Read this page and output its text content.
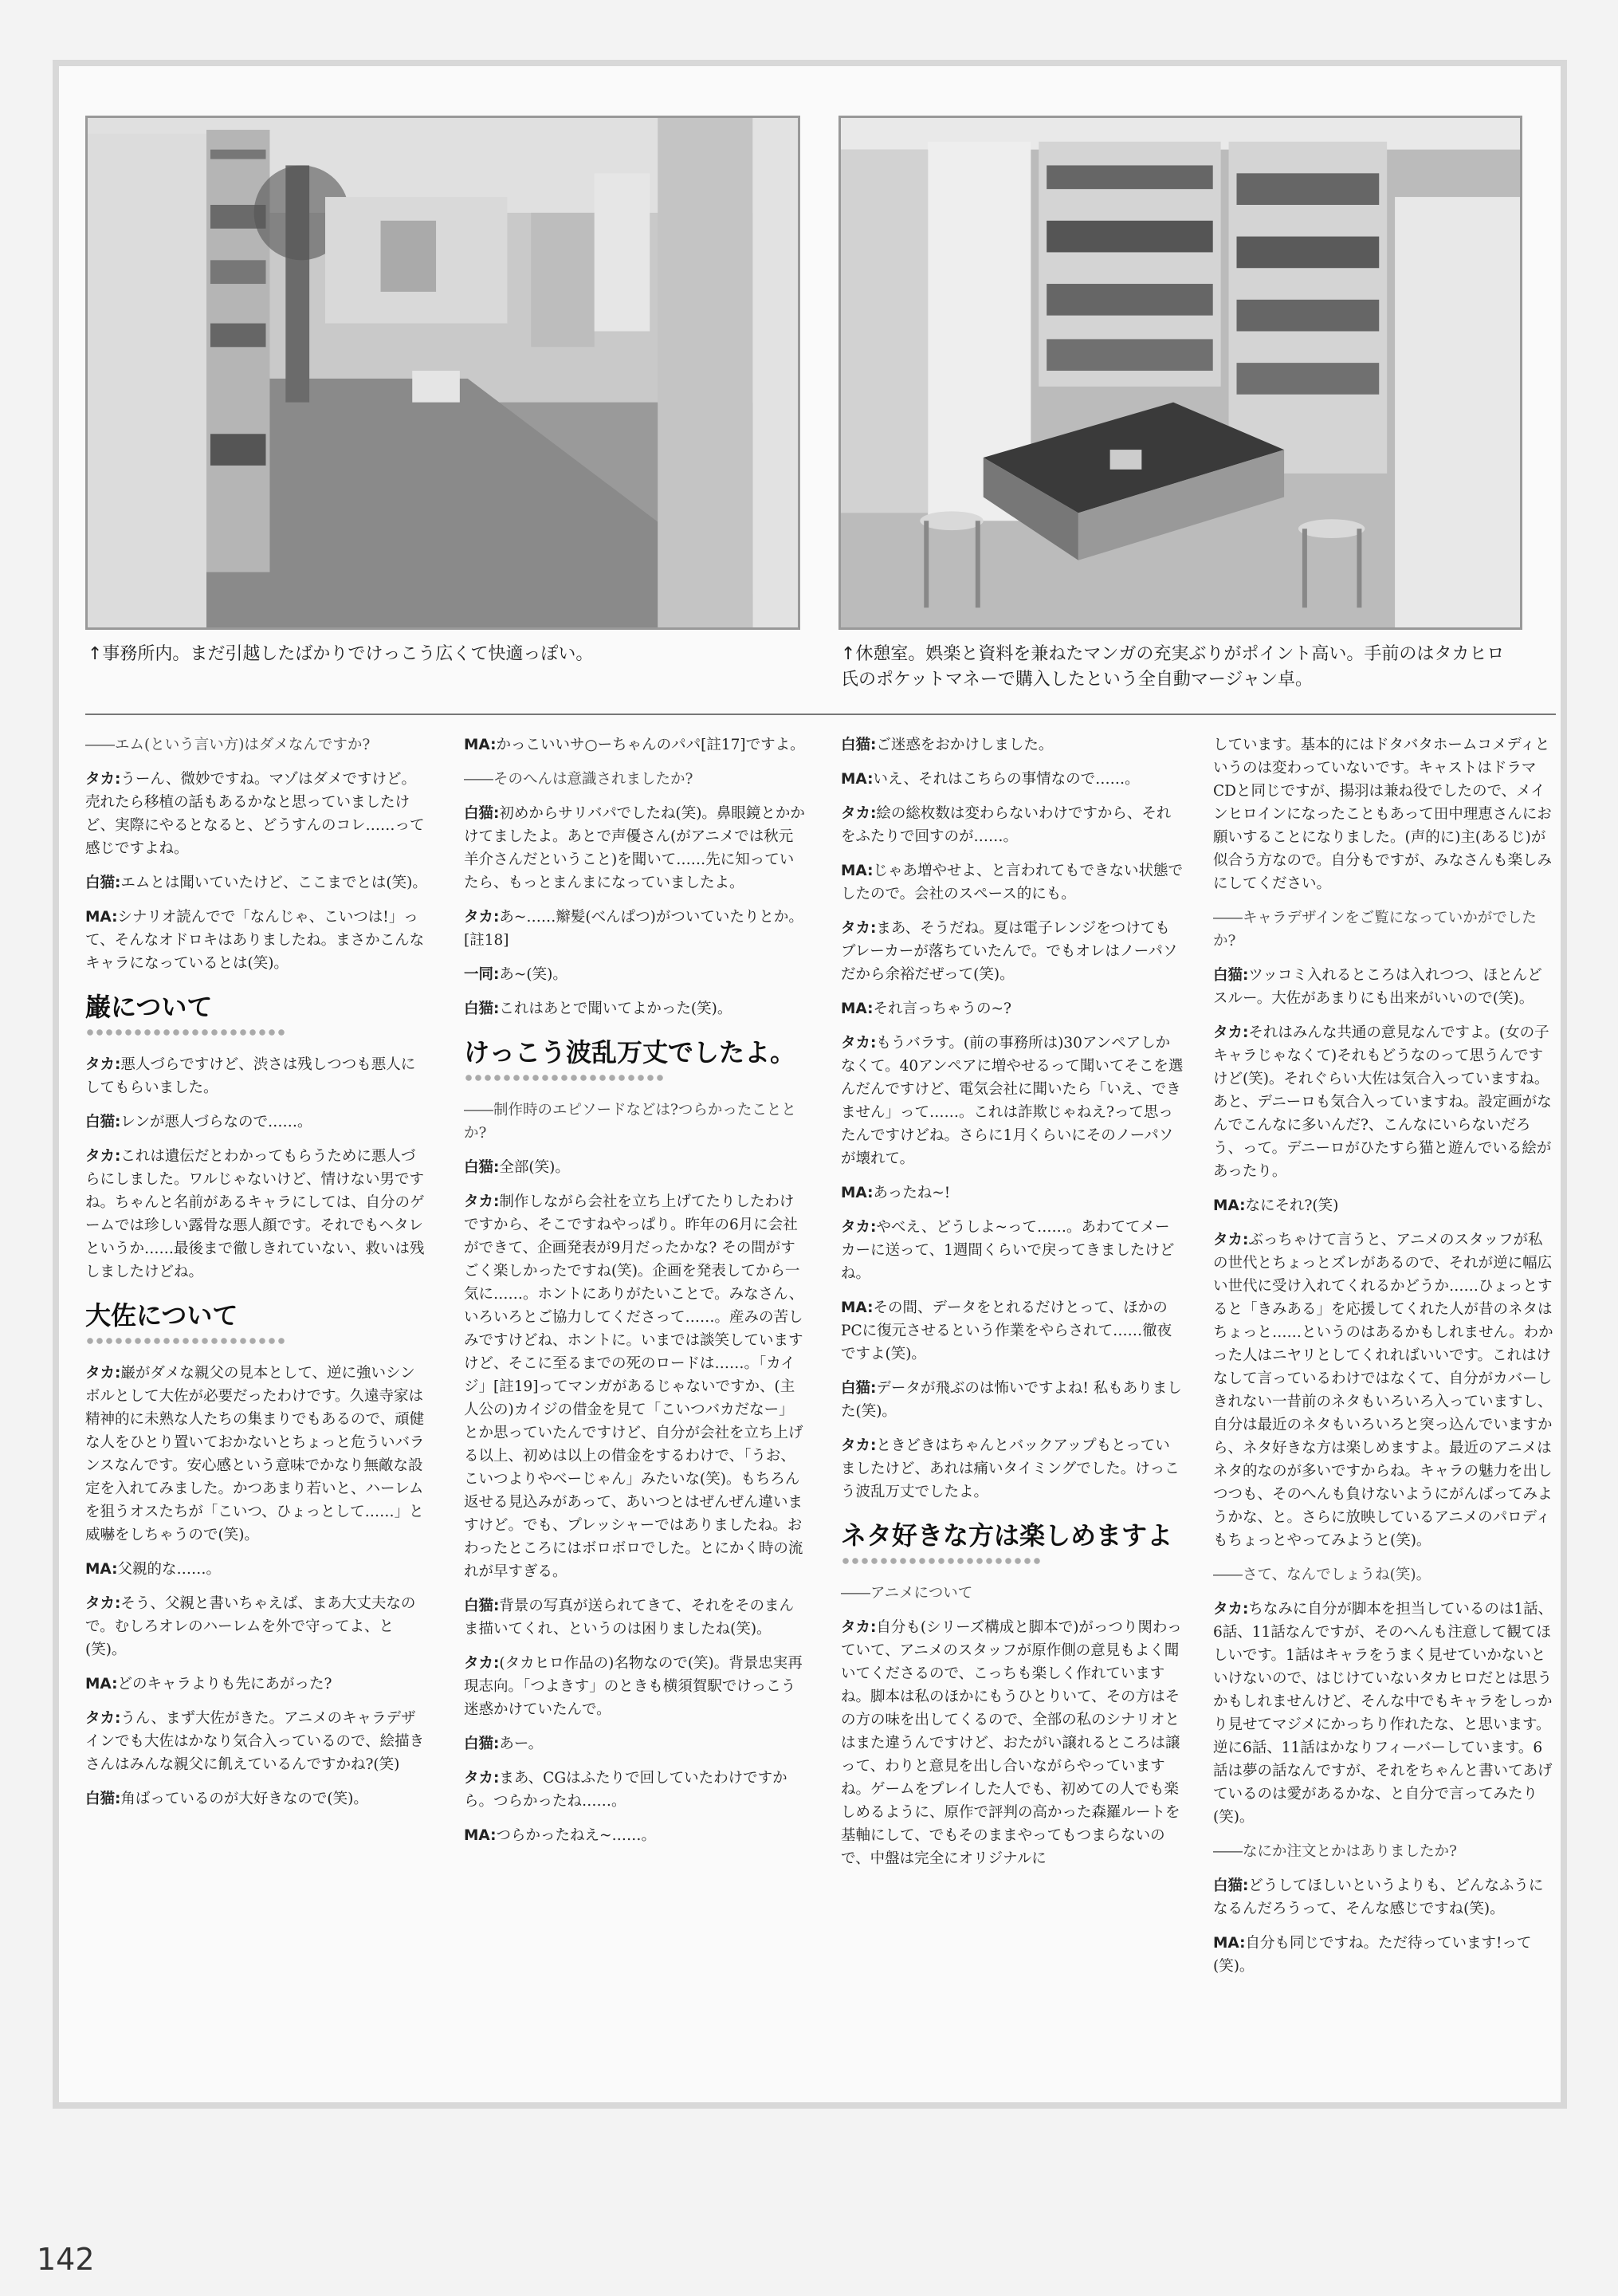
↑事務所内。まだ引越したばかりでけっこう広くて快適っぽい。	↑休憩室。娯楽と資料を兼ねたマンガの充実ぶりがポイント高い。手前のはタカヒロ氏のポケットマネーで購入したという全自動マージャン卓。

――エム(という言い方)はダメなんですか?

タカ:うーん、微妙ですね。マゾはダメですけど。売れたら移植の話もあるかなと思っていましたけど、実際にやるとなると、どうすんのコレ……って感じですよね。

白猫:エムとは聞いていたけど、ここまでとは(笑)。

MA:シナリオ読んでで「なんじゃ、こいつは!」って、そんなオドロキはありましたね。まさかこんなキャラになっているとは(笑)。

巌について

タカ:悪人づらですけど、渋さは残しつつも悪人にしてもらいました。

白猫:レンが悪人づらなので……。

タカ:これは遺伝だとわかってもらうために悪人づらにしました。ワルじゃないけど、情けない男ですね。ちゃんと名前があるキャラにしては、自分のゲームでは珍しい露骨な悪人顔です。それでもヘタレというか……最後まで徹しきれていない、救いは残しましたけどね。

大佐について

タカ:巌がダメな親父の見本として、逆に強いシンボルとして大佐が必要だったわけです。久遠寺家は精神的に未熟な人たちの集まりでもあるので、頑健な人をひとり置いておかないとちょっと危ういバランスなんです。安心感という意味でかなり無敵な設定を入れてみました。かつあまり若いと、ハーレムを狙うオスたちが「こいつ、ひょっとして……」と威嚇をしちゃうので(笑)。

MA:父親的な……。

タカ:そう、父親と書いちゃえば、まあ大丈夫なので。むしろオレのハーレムを外で守ってよ、と(笑)。

MA:どのキャラよりも先にあがった?

タカ:うん、まず大佐がきた。アニメのキャラデザインでも大佐はかなり気合入っているので、絵描きさんはみんな親父に飢えているんですかね?(笑)

白猫:角ばっているのが大好きなので(笑)。

MA:かっこいいサ○ーちゃんのパパ[註17]ですよ。

――そのへんは意識されましたか?

白猫:初めからサリバパでしたね(笑)。鼻眼鏡とかかけてましたよ。あとで声優さん(がアニメでは秋元羊介さんだということ)を聞いて……先に知っていたら、もっとまんまになっていましたよ。

タカ:あ~……辮髪(べんぱつ)がついていたりとか。[註18]

一同:あ~(笑)。

白猫:これはあとで聞いてよかった(笑)。

けっこう波乱万丈でしたよ。

――制作時のエピソードなどは?つらかったこととか?

白猫:全部(笑)。

タカ:制作しながら会社を立ち上げてたりしたわけですから、そこですねやっぱり。昨年の6月に会社ができて、企画発表が9月だったかな? その間がすごく楽しかったですね(笑)。企画を発表してから一気に……。ホントにありがたいことで。みなさん、いろいろとご協力してくださって……。産みの苦しみですけどね、ホントに。いまでは談笑していますけど、そこに至るまでの死のロードは……。「カイジ」[註19]ってマンガがあるじゃないですか、(主人公の)カイジの借金を見て「こいつバカだなー」とか思っていたんですけど、自分が会社を立ち上げる以上、初めは以上の借金をするわけで、「うお、こいつよりやべーじゃん」みたいな(笑)。もちろん返せる見込みがあって、あいつとはぜんぜん違いますけど。でも、プレッシャーではありましたね。おわったところにはボロボロでした。とにかく時の流れが早すぎる。

白猫:背景の写真が送られてきて、それをそのまんま描いてくれ、というのは困りましたね(笑)。

タカ:(タカヒロ作品の)名物なので(笑)。背景忠実再現志向。「つよきす」のときも横須賀駅でけっこう迷惑かけていたんで。

白猫:あー。

タカ:まあ、CGはふたりで回していたわけですから。つらかったね……。

MA:つらかったねえ~……。

白猫:ご迷惑をおかけしました。

MA:いえ、それはこちらの事情なので……。

タカ:絵の総枚数は変わらないわけですから、それをふたりで回すのが……。

MA:じゃあ増やせよ、と言われてもできない状態でしたので。会社のスペース的にも。

タカ:まあ、そうだね。夏は電子レンジをつけてもブレーカーが落ちていたんで。でもオレはノーパソだから余裕だぜって(笑)。

MA:それ言っちゃうの~?

タカ:もうバラす。(前の事務所は)30アンペアしかなくて。40アンペアに増やせるって聞いてそこを選んだんですけど、電気会社に聞いたら「いえ、できません」って……。これは詐欺じゃねえ?って思ったんですけどね。さらに1月くらいにそのノーパソが壊れて。

MA:あったね~!

タカ:やべえ、どうしよ~って……。あわててメーカーに送って、1週間くらいで戻ってきましたけどね。

MA:その間、データをとれるだけとって、ほかのPCに復元させるという作業をやらされて……徹夜ですよ(笑)。

白猫:データが飛ぶのは怖いですよね! 私もありました(笑)。

タカ:ときどきはちゃんとバックアップもとっていましたけど、あれは痛いタイミングでした。けっこう波乱万丈でしたよ。

ネタ好きな方は楽しめますよ

――アニメについて

タカ:自分も(シリーズ構成と脚本で)がっつり関わっていて、アニメのスタッフが原作側の意見もよく聞いてくださるので、こっちも楽しく作れていますね。脚本は私のほかにもうひとりいて、その方はその方の味を出してくるので、全部の私のシナリオとはまた違うんですけど、おたがい譲れるところは譲って、わりと意見を出し合いながらやっていますね。ゲームをプレイした人でも、初めての人でも楽しめるように、原作で評判の高かった森羅ルートを基軸にして、でもそのままやってもつまらないので、中盤は完全にオリジナルに

しています。基本的にはドタバタホームコメディというのは変わっていないです。キャストはドラマCDと同じですが、揚羽は兼ね役でしたので、メインヒロインになったこともあって田中理恵さんにお願いすることになりました。(声的に)主(あるじ)が似合う方なので。自分もですが、みなさんも楽しみにしてください。

――キャラデザインをご覧になっていかがでしたか?

白猫:ツッコミ入れるところは入れつつ、ほとんどスルー。大佐があまりにも出来がいいので(笑)。

タカ:それはみんな共通の意見なんですよ。(女の子キャラじゃなくて)それもどうなのって思うんですけど(笑)。それぐらい大佐は気合入っていますね。あと、デニーロも気合入っていますね。設定画がなんでこんなに多いんだ?、こんなにいらないだろう、って。デニーロがひたすら猫と遊んでいる絵があったり。

MA:なにそれ?(笑)

タカ:ぶっちゃけて言うと、アニメのスタッフが私の世代とちょっとズレがあるので、それが逆に幅広い世代に受け入れてくれるかどうか……ひょっとすると「きみある」を応援してくれた人が昔のネタはちょっと……というのはあるかもしれません。わかった人はニヤリとしてくれればいいです。これはけなして言っているわけではなくて、自分がカバーしきれない一昔前のネタもいろいろ入っていますし、自分は最近のネタもいろいろと突っ込んでいますから、ネタ好きな方は楽しめますよ。最近のアニメはネタ的なのが多いですからね。キャラの魅力を出しつつも、そのへんも負けないようにがんばってみようかな、と。さらに放映しているアニメのパロディもちょっとやってみようと(笑)。

――さて、なんでしょうね(笑)。

タカ:ちなみに自分が脚本を担当しているのは1話、6話、11話なんですが、そのへんも注意して観てほしいです。1話はキャラをうまく見せていかないといけないので、はじけていないタカヒロだとは思うかもしれませんけど、そんな中でもキャラをしっかり見せてマジメにかっちり作れたな、と思います。逆に6話、11話はかなりフィーバーしています。6話は夢の話なんですが、それをちゃんと書いてあげているのは愛があるかな、と自分で言ってみたり(笑)。

――なにか注文とかはありましたか?

白猫:どうしてほしいというよりも、どんなふうになるんだろうって、そんな感じですね(笑)。

MA:自分も同じですね。ただ待っています!って(笑)。

142
